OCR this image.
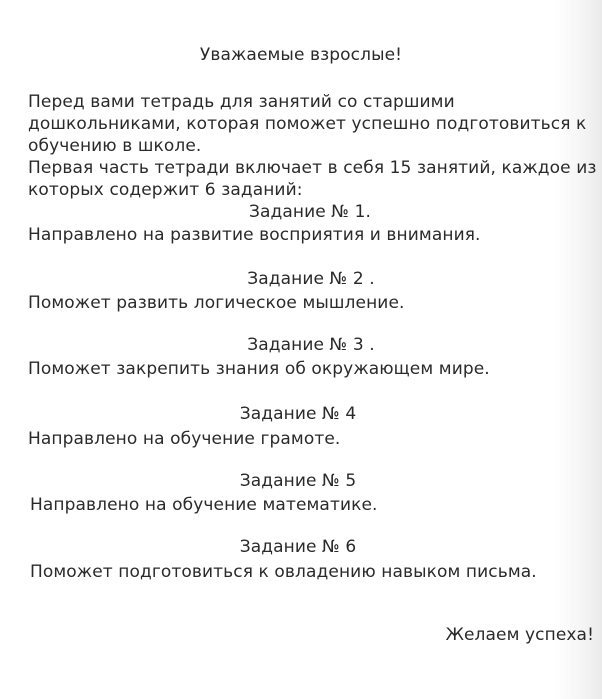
Уважаемые взрослые!
Перед вами тетрадь для занятий со старшими
дошкольниками, которая поможет успешно подготовиться к
обучению в школе.
Первая часть тетради включает в себя 15 занятий, каждое из
которых содержит 6 заданий:
Задание № 1.
Направлено на развитие восприятия и внимания.
Задание № 2 .
Поможет развить логическое мышление.
Задание № 3 .
Поможет закрепить знания об окружающем мире.
Задание № 4
Направлено на обучение грамоте.
Задание № 5
Направлено на обучение математике.
Задание № 6
Поможет подготовиться к овладению навыком письма.
Желаем успеха!
